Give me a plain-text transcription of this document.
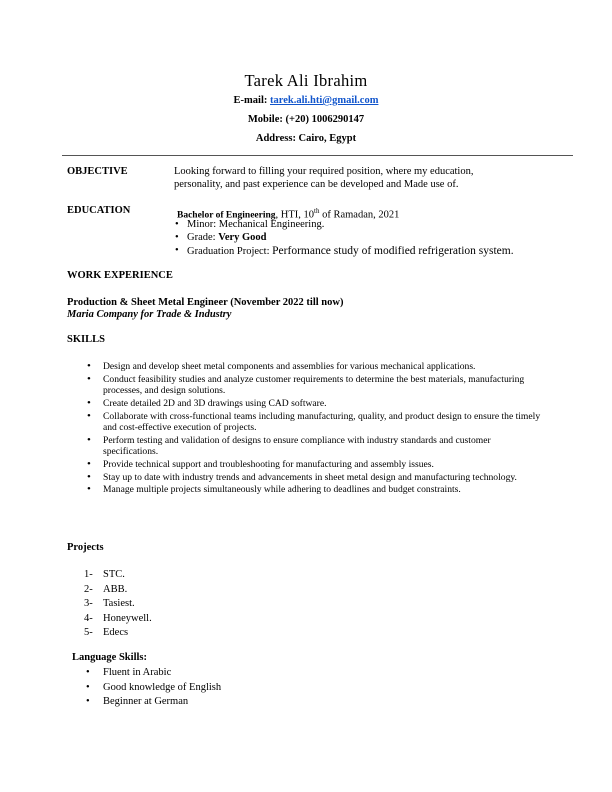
Tarek Ali Ibrahim
E-mail: tarek.ali.hti@gmail.com
Mobile: (+20) 1006290147
Address: Cairo, Egypt
OBJECTIVE	Looking forward to filling your required position, where my education,
personality, and past experience can be developed and Made use of.
EDUCATION	Bachelor of Engineering, HTI, 10th of Ramadan, 2021
• Minor: Mechanical Engineering.
• Grade: Very Good
• Graduation Project: Performance study of modified refrigeration system.
WORK EXPERIENCE
Production & Sheet Metal Engineer (November 2022 till now)
Maria Company for Trade & Industry
SKILLS
• Design and develop sheet metal components and assemblies for various mechanical applications.
• Conduct feasibility studies and analyze customer requirements to determine the best materials, manufacturing processes, and design solutions.
• Create detailed 2D and 3D drawings using CAD software.
• Collaborate with cross-functional teams including manufacturing, quality, and product design to ensure the timely and cost-effective execution of projects.
• Perform testing and validation of designs to ensure compliance with industry standards and customer specifications.
• Provide technical support and troubleshooting for manufacturing and assembly issues.
• Stay up to date with industry trends and advancements in sheet metal design and manufacturing technology.
• Manage multiple projects simultaneously while adhering to deadlines and budget constraints.
Projects
1- STC.
2- ABB.
3- Tasiest.
4- Honeywell.
5- Edecs
Language Skills:
• Fluent in Arabic
• Good knowledge of English
• Beginner at German
